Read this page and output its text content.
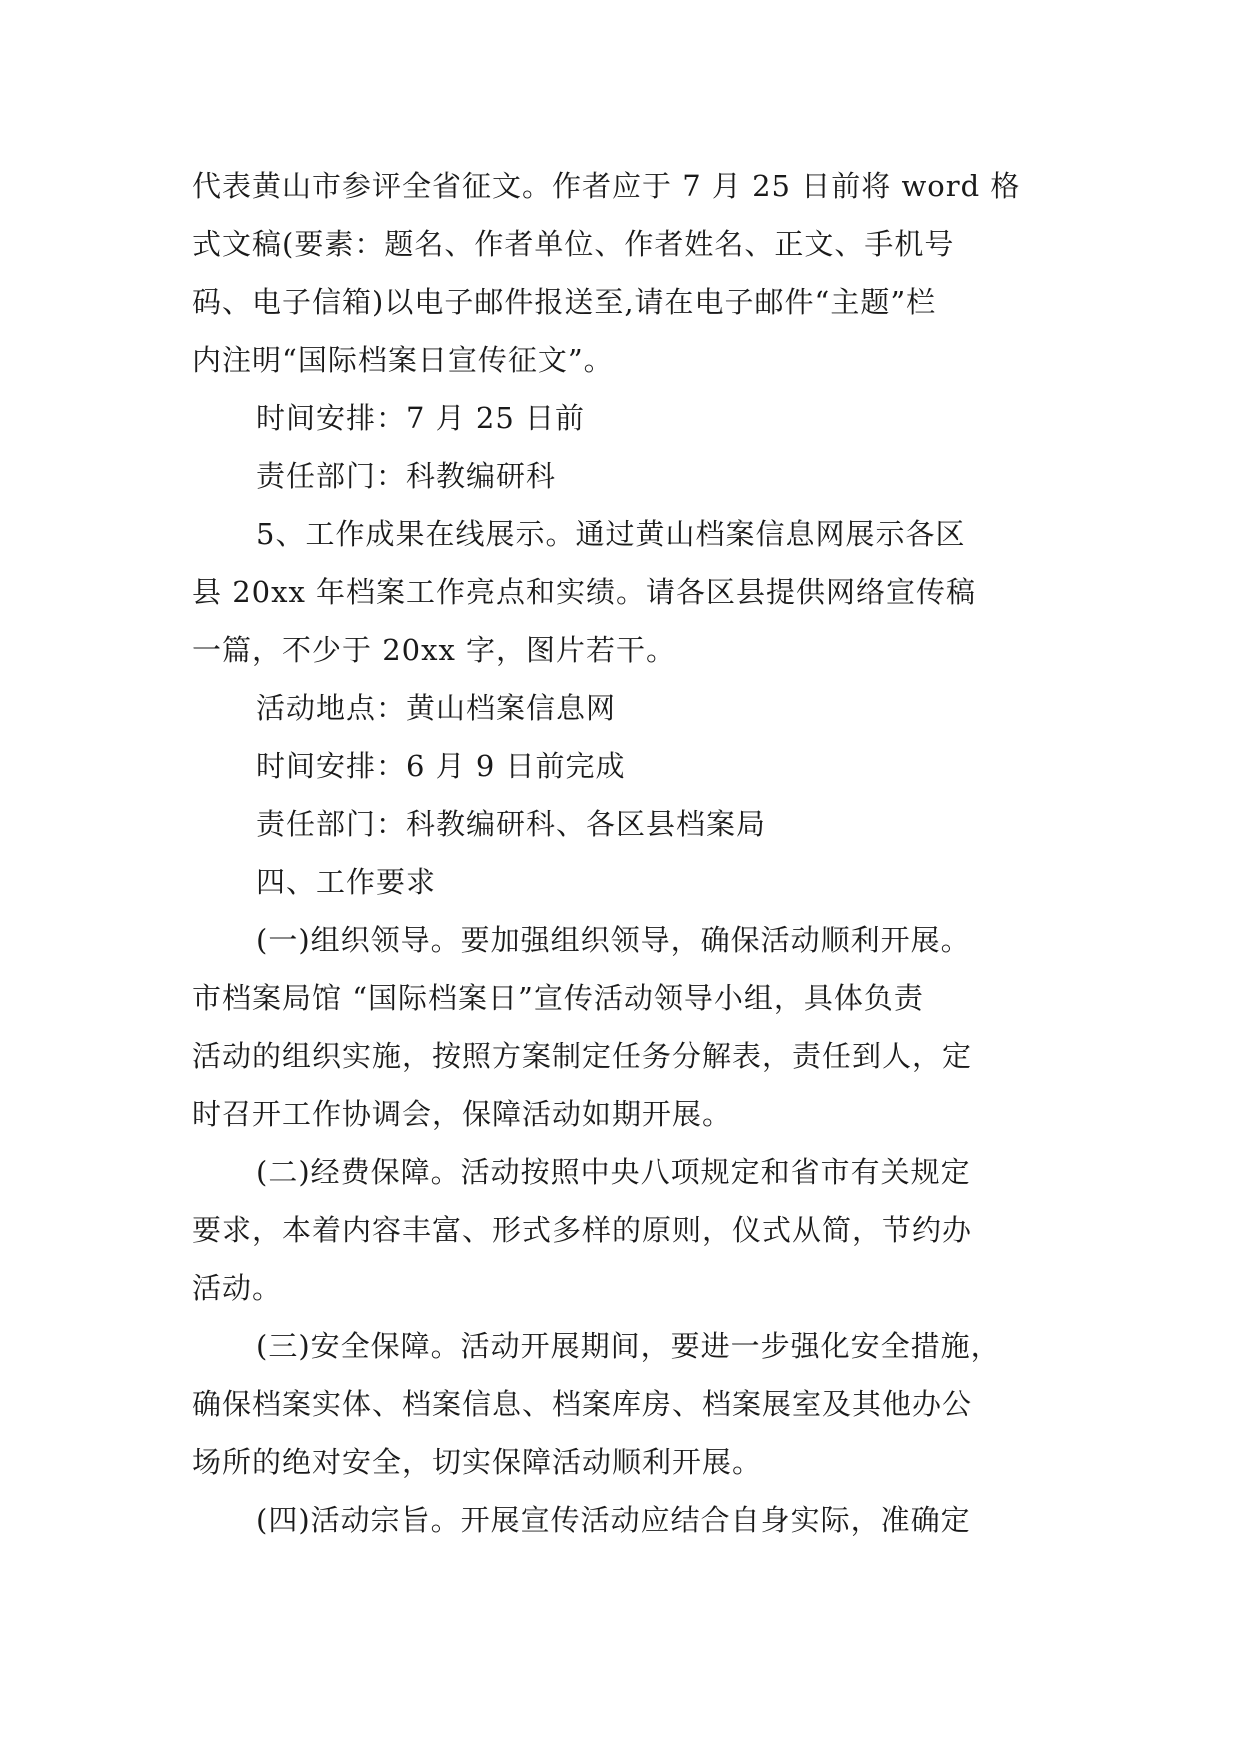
代表黄山市参评全省征文。作者应于 7 月 25 日前将 word 格
式文稿(要素：题名、作者单位、作者姓名、正文、手机号
码、电子信箱)以电子邮件报送至,请在电子邮件“主题”栏
内注明“国际档案日宣传征文”。
时间安排：7 月 25 日前
责任部门：科教编研科
5、工作成果在线展示。通过黄山档案信息网展示各区
县 20xx 年档案工作亮点和实绩。请各区县提供网络宣传稿
一篇，不少于 20xx 字，图片若干。
活动地点：黄山档案信息网
时间安排：6 月 9 日前完成
责任部门：科教编研科、各区县档案局
四、工作要求
(一)组织领导。要加强组织领导，确保活动顺利开展。
市档案局馆 “国际档案日”宣传活动领导小组，具体负责
活动的组织实施，按照方案制定任务分解表，责任到人，定
时召开工作协调会，保障活动如期开展。
(二)经费保障。活动按照中央八项规定和省市有关规定
要求，本着内容丰富、形式多样的原则，仪式从简，节约办
活动。
(三)安全保障。活动开展期间，要进一步强化安全措施，
确保档案实体、档案信息、档案库房、档案展室及其他办公
场所的绝对安全，切实保障活动顺利开展。
(四)活动宗旨。开展宣传活动应结合自身实际，准确定
